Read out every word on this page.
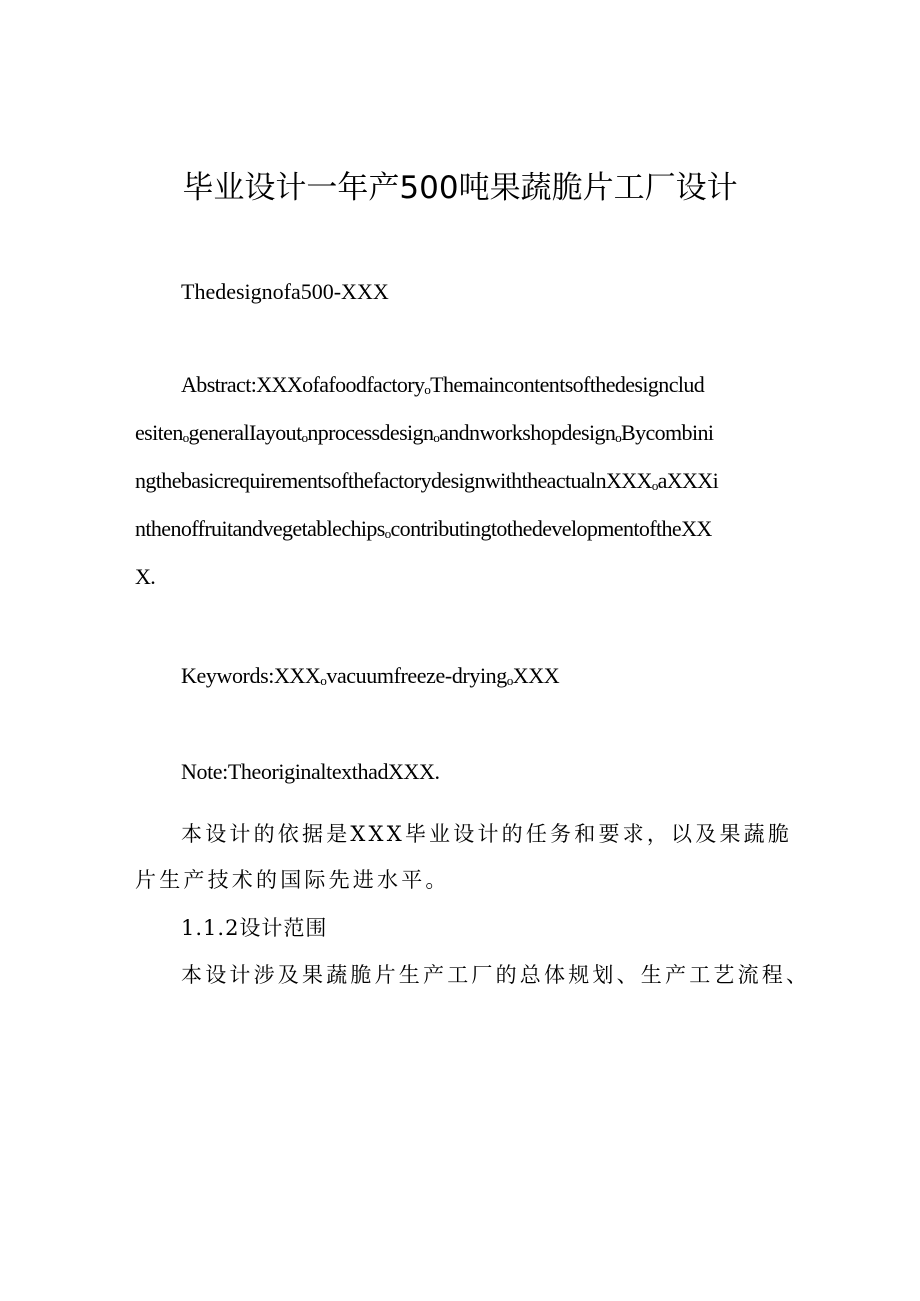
毕业设计一年产500吨果蔬脆片工厂设计
Thedesignofa500-XXX
Abstract:XXXofafoodfactoryₒThemaincontentsofthedesignclud
esitenₒgeneralIayoutₒnprocessdesignₒandnworkshopdesignₒBycombini
ngthebasicrequirementsofthefactorydesignwiththeactualnXXXₒaXXXi
nthenoffruitandvegetablechipsₒcontributingtothedevelopmentoftheXX
X.
Keywords:XXXₒvacuumfreeze-dryingₒXXX
Note:TheoriginaltexthadXXX.
本设计的依据是XXX毕业设计的任务和要求，以及果蔬脆
片生产技术的国际先进水平。
1.1.2设计范围
本设计涉及果蔬脆片生产工厂的总体规划、生产工艺流程、
